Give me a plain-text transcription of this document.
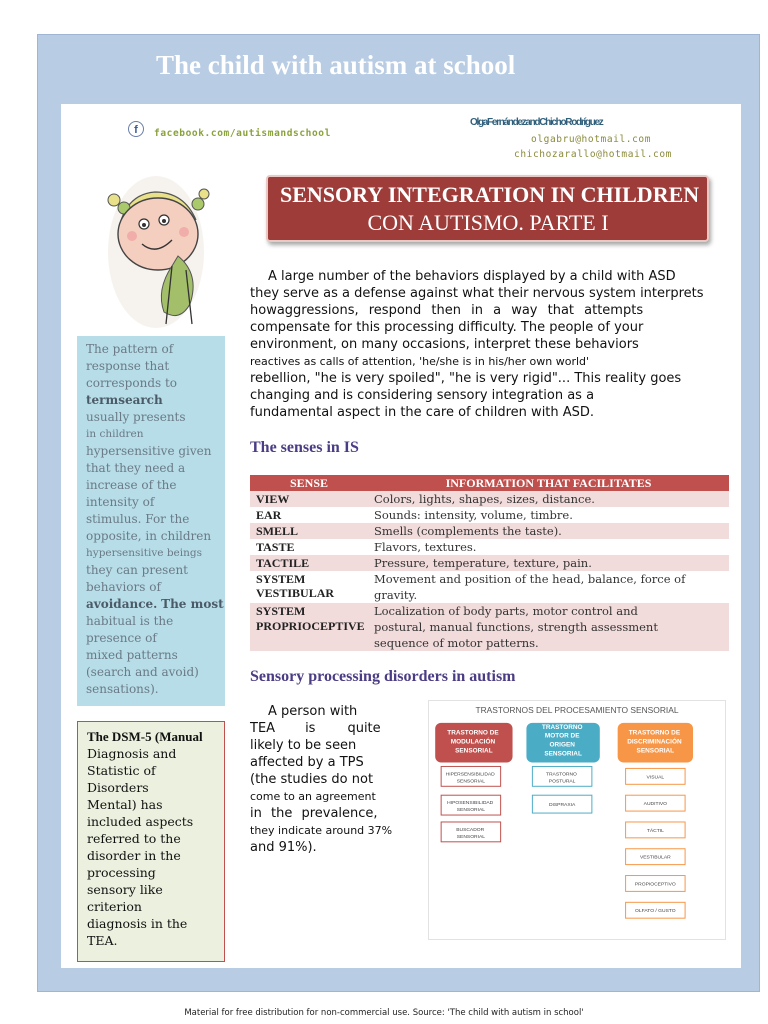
The child with autism at school
f	facebook.com/autismandschool
OlgaFernándezandChichoRodríguez
olgabru@hotmail.com
chichozarallo@hotmail.com
SENSORY INTEGRATION IN CHILDREN
CON AUTISMO. PARTE I
A large number of the behaviors displayed by a child with ASD
they serve as a defense against what their nervous system interprets
howaggressions, respond then in a way that attempts
compensate for this processing difficulty. The people of your
environment, on many occasions, interpret these behaviors
reactives as calls of attention, 'he/she is in his/her own world'
rebellion, "he is very spoiled", "he is very rigid"... This reality goes
changing and is considering sensory integration as a
fundamental aspect in the care of children with ASD.
The pattern of
response that
corresponds to
termsearch
usually presents
in children
hypersensitive given
that they need a
increase of the
intensity of
stimulus. For the
opposite, in children
hypersensitive beings
they can present
behaviors of
avoidance. The most
habitual is the
presence of
mixed patterns
(search and avoid)
sensations).
The senses in IS
SENSE	INFORMATION THAT FACILITATES
VIEW	Colors, lights, shapes, sizes, distance.
EAR	Sounds: intensity, volume, timbre.
SMELL	Smells (complements the taste).
TASTE	Flavors, textures.
TACTILE	Pressure, temperature, texture, pain.
SYSTEM VESTIBULAR	Movement and position of the head, balance, force of
gravity.

SYSTEM PROPRIOCEPTIVE	Localization of body parts, motor control and
postural, manual functions, strength assessment
sequence of motor patterns.
Sensory processing disorders in autism
A person with
TEA is quite
likely to be seen
affected by a TPS
(the studies do not
come to an agreement
in the prevalence,
they indicate around 37%
and 91%).
TRASTORNOS DEL PROCESAMIENTO SENSORIAL
TRASTORNO DE MODULACIÓN SENSORIAL
TRASTORNO MOTOR DE ORIGEN SENSORIAL
TRASTORNO DE DISCRIMINACIÓN SENSORIAL
HIPERSENSIBILIDAD SENSORIAL
HIPOSENSIBILIDAD SENSORIAL
BUSCADOR SENSORIAL
TRASTORNO POSTURAL
DISPRAXIA
VISUAL
AUDITIVO
TÁCTIL
VESTIBULAR
PROPIOCEPTIVO
OLFATO / GUSTO
The DSM-5 (Manual
Diagnosis and
Statistic of
Disorders
Mental) has
included aspects
referred to the
disorder in the
processing
sensory like
criterion
diagnosis in the
TEA.
Material for free distribution for non-commercial use. Source: 'The child with autism in school'
